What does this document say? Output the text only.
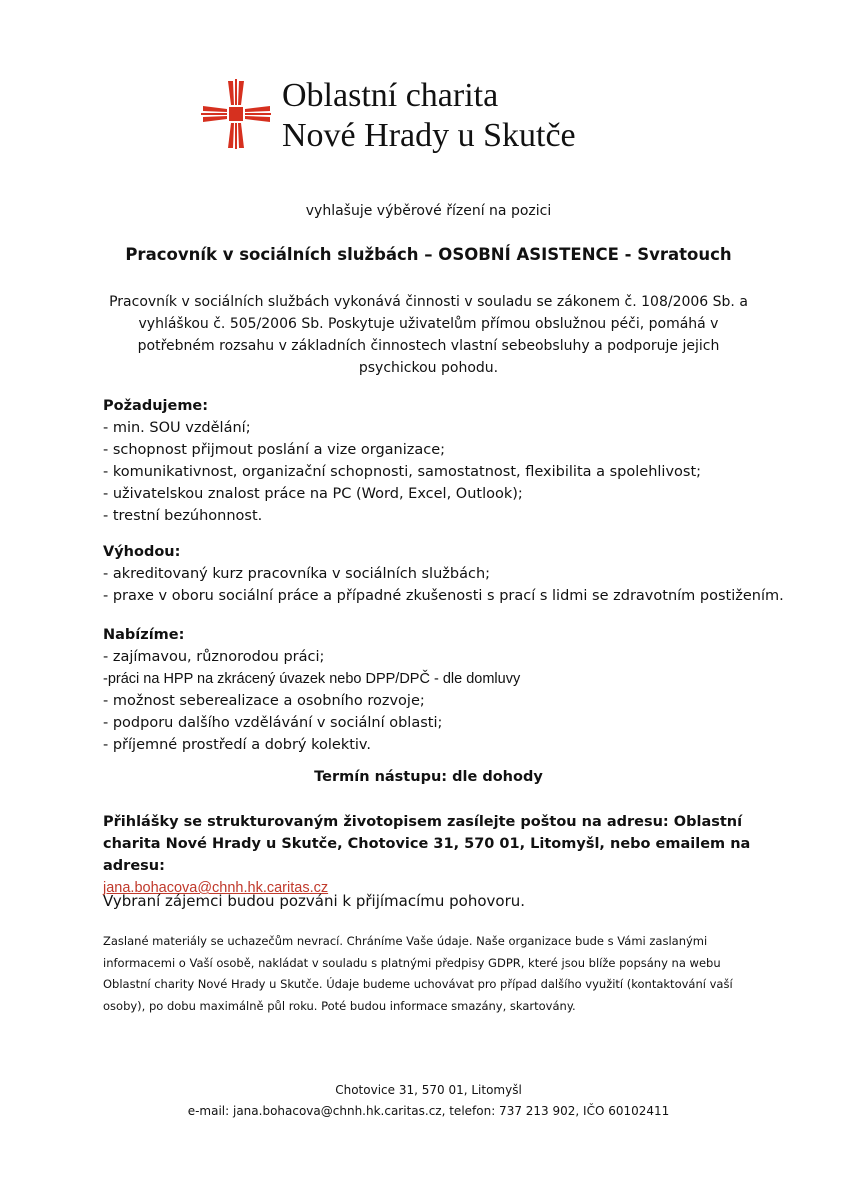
Oblastní charita
Nové Hrady u Skutče
vyhlašuje výběrové řízení na pozici
Pracovník v sociálních službách – OSOBNÍ ASISTENCE - Svratouch
Pracovník v sociálních službách vykonává činnosti v souladu se zákonem č. 108/2006 Sb. a vyhláškou č. 505/2006 Sb. Poskytuje uživatelům přímou obslužnou péči, pomáhá v potřebném rozsahu v základních činnostech vlastní sebeobsluhy a podporuje jejich psychickou pohodu.
Požadujeme:
- min. SOU vzdělání;
- schopnost přijmout poslání a vize organizace;
- komunikativnost, organizační schopnosti, samostatnost, flexibilita a spolehlivost;
- uživatelskou znalost práce na PC (Word, Excel, Outlook);
- trestní bezúhonnost.
Výhodou:
- akreditovaný kurz pracovníka v sociálních službách;
- praxe v oboru sociální práce a případné zkušenosti s prací s lidmi se zdravotním postižením.
Nabízíme:
- zajímavou, různorodou práci;
-práci na HPP na zkrácený úvazek nebo DPP/DPČ - dle domluvy
- možnost seberealizace a osobního rozvoje;
- podporu dalšího vzdělávání v sociální oblasti;
- příjemné prostředí a dobrý kolektiv.
Termín nástupu: dle dohody
Přihlášky se strukturovaným životopisem zasílejte poštou na adresu: Oblastní charita Nové Hrady u Skutče, Chotovice 31, 570 01, Litomyšl, nebo emailem na adresu:
jana.bohacova@chnh.hk.caritas.cz
Vybraní zájemci budou pozváni k přijímacímu pohovoru.
Zaslané materiály se uchazečům nevrací. Chráníme Vaše údaje. Naše organizace bude s Vámi zaslanými informacemi o Vaší osobě, nakládat v souladu s platnými předpisy GDPR, které jsou blíže popsány na webu Oblastní charity Nové Hrady u Skutče. Údaje budeme uchovávat pro případ dalšího využití (kontaktování vaší osoby), po dobu maximálně půl roku. Poté budou informace smazány, skartovány.
Chotovice 31, 570 01, Litomyšl
e-mail: jana.bohacova@chnh.hk.caritas.cz, telefon: 737 213 902, IČO 60102411
